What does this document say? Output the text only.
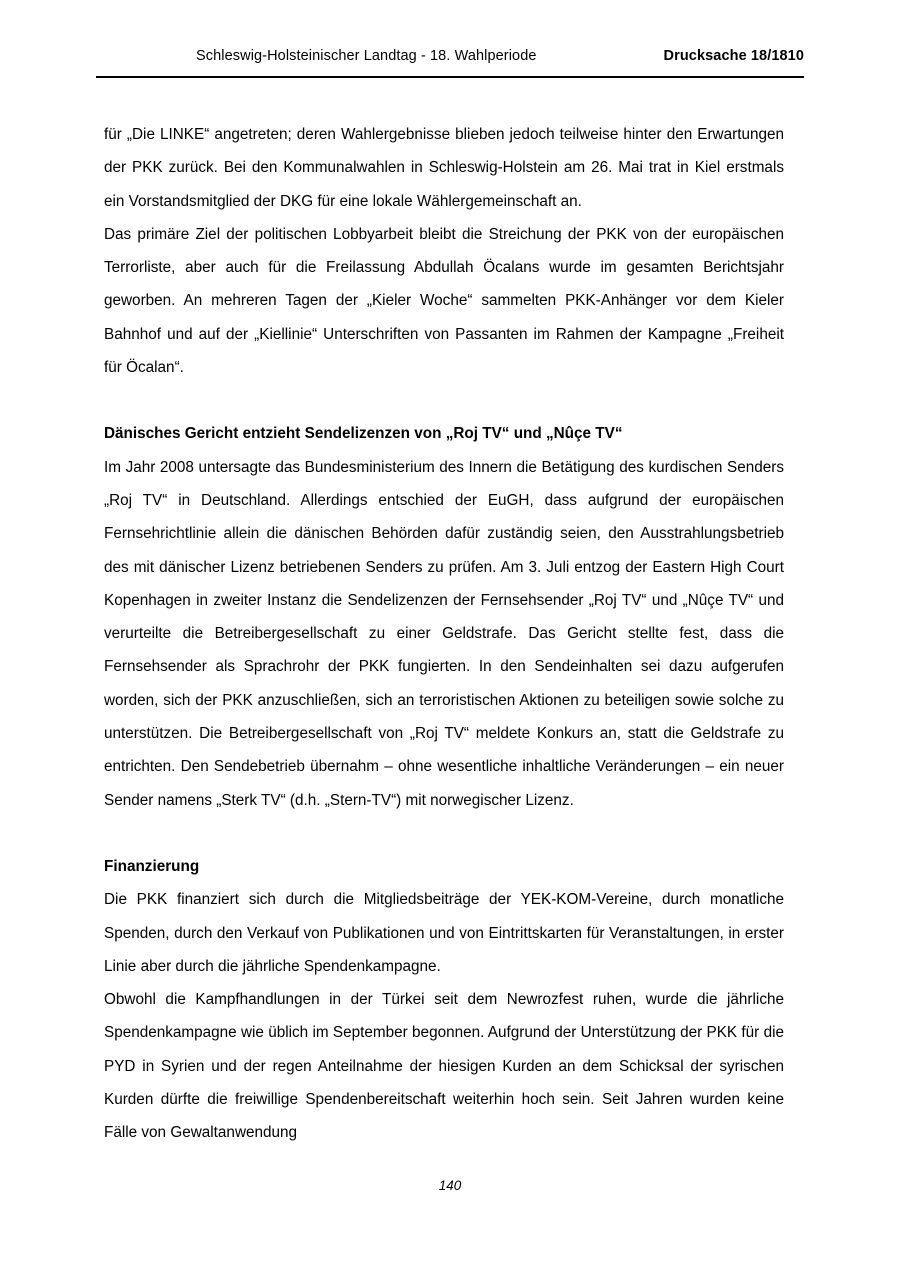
Schleswig-Holsteinischer Landtag - 18. Wahlperiode	Drucksache 18/1810

für „Die LINKE“ angetreten; deren Wahlergebnisse blieben jedoch teilweise hinter den Erwartungen der PKK zurück. Bei den Kommunalwahlen in Schleswig-Holstein am 26. Mai trat in Kiel erstmals ein Vorstandsmitglied der DKG für eine lokale Wählergemeinschaft an.

Das primäre Ziel der politischen Lobbyarbeit bleibt die Streichung der PKK von der europäischen Terrorliste, aber auch für die Freilassung Abdullah Öcalans wurde im gesamten Berichtsjahr geworben. An mehreren Tagen der „Kieler Woche“ sammelten PKK-Anhänger vor dem Kieler Bahnhof und auf der „Kiellinie“ Unterschriften von Passanten im Rahmen der Kampagne „Freiheit für Öcalan“.

Dänisches Gericht entzieht Sendelizenzen von „Roj TV“ und „Nûçe TV“

Im Jahr 2008 untersagte das Bundesministerium des Innern die Betätigung des kurdischen Senders „Roj TV“ in Deutschland. Allerdings entschied der EuGH, dass aufgrund der europäischen Fernsehrichtlinie allein die dänischen Behörden dafür zuständig seien, den Ausstrahlungsbetrieb des mit dänischer Lizenz betriebenen Senders zu prüfen. Am 3. Juli entzog der Eastern High Court Kopenhagen in zweiter Instanz die Sendelizenzen der Fernsehsender „Roj TV“ und „Nûçe TV“ und verurteilte die Betreibergesellschaft zu einer Geldstrafe. Das Gericht stellte fest, dass die Fernsehsender als Sprachrohr der PKK fungierten. In den Sendeinhalten sei dazu aufgerufen worden, sich der PKK anzuschließen, sich an terroristischen Aktionen zu beteiligen sowie solche zu unterstützen. Die Betreibergesellschaft von „Roj TV“ meldete Konkurs an, statt die Geldstrafe zu entrichten. Den Sendebetrieb übernahm – ohne wesentliche inhaltliche Veränderungen – ein neuer Sender namens „Sterk TV“ (d.h. „Stern-TV“) mit norwegischer Lizenz.

Finanzierung

Die PKK finanziert sich durch die Mitgliedsbeiträge der YEK-KOM-Vereine, durch monatliche Spenden, durch den Verkauf von Publikationen und von Eintrittskarten für Veranstaltungen, in erster Linie aber durch die jährliche Spendenkampagne.

Obwohl die Kampfhandlungen in der Türkei seit dem Newrozfest ruhen, wurde die jährliche Spendenkampagne wie üblich im September begonnen. Aufgrund der Unterstützung der PKK für die PYD in Syrien und der regen Anteilnahme der hiesigen Kurden an dem Schicksal der syrischen Kurden dürfte die freiwillige Spendenbereitschaft weiterhin hoch sein. Seit Jahren wurden keine Fälle von Gewaltanwendung

140
